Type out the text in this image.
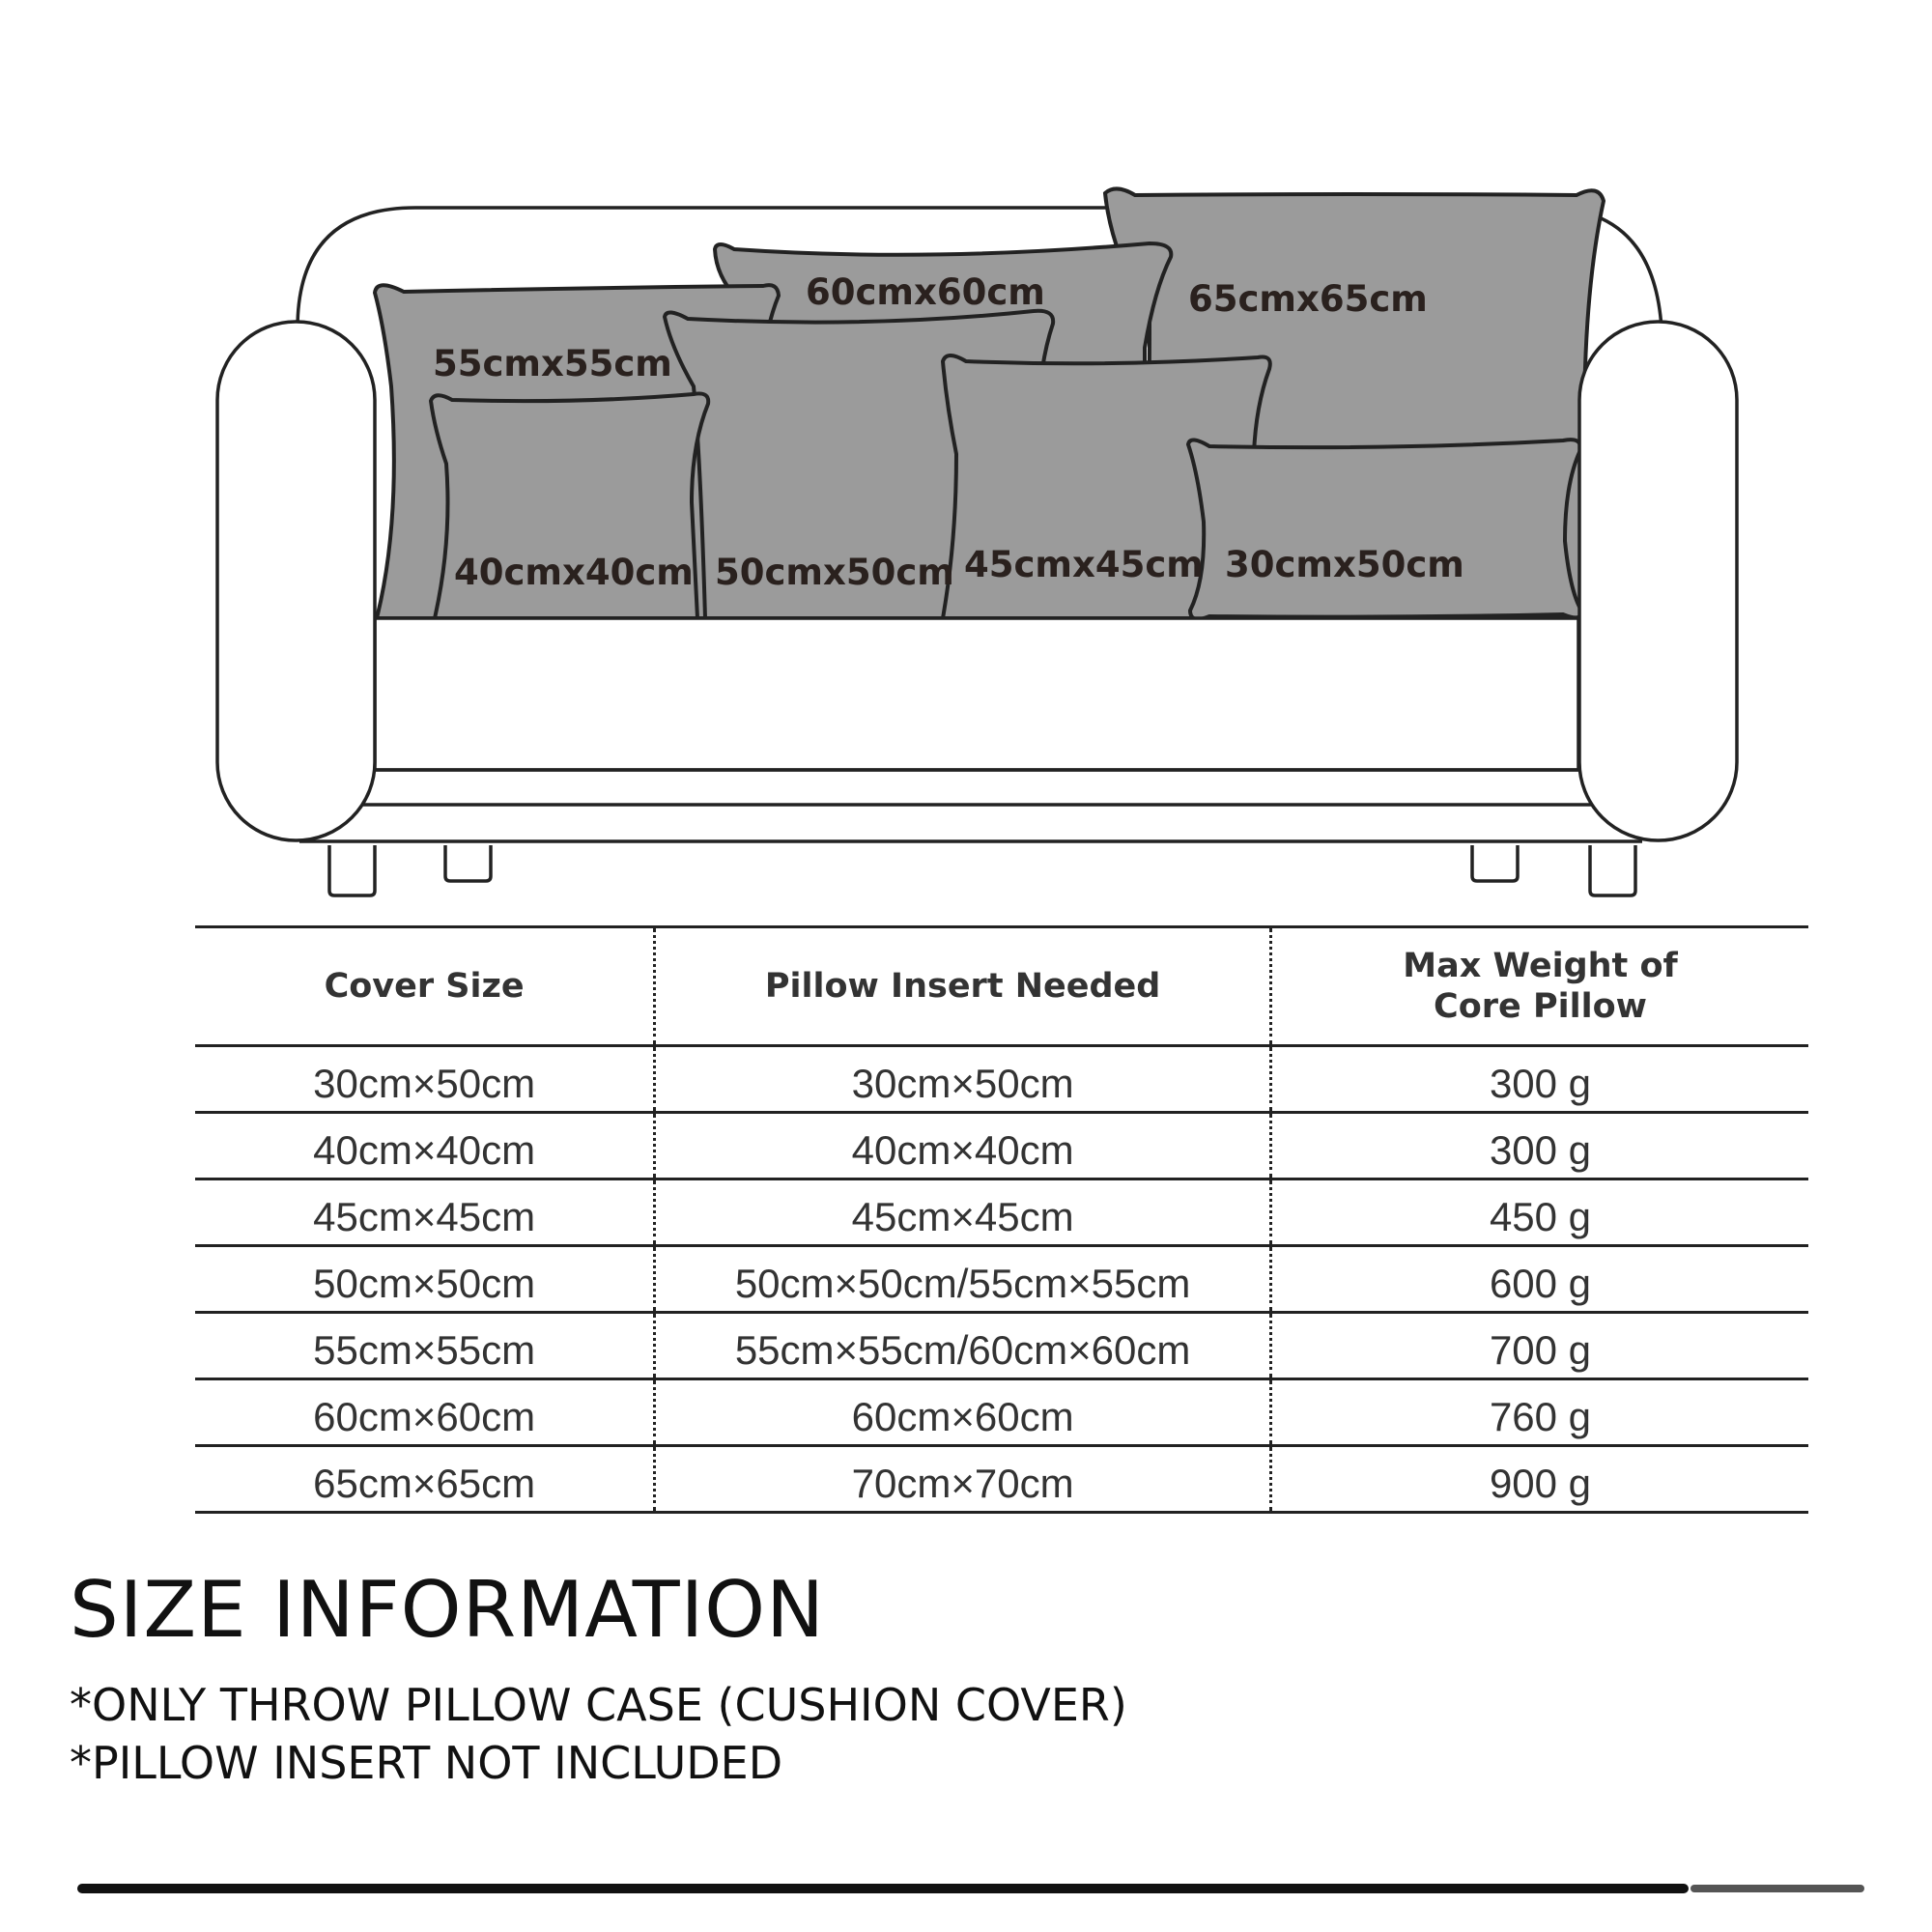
60cmx60cm	65cmx65cm
55cmx55cm
40cmx40cm 50cmx50cm 45cmx45cm 30cmx50cm
Cover Size	Pillow Insert Needed	Max Weight of
Core Pillow

30cm×50cm	30cm×50cm	300 g
40cm×40cm	40cm×40cm	300 g
45cm×45cm	45cm×45cm	450 g
50cm×50cm	50cm×50cm/55cm×55cm	600 g
55cm×55cm	55cm×55cm/60cm×60cm	700 g
60cm×60cm	60cm×60cm	760 g
65cm×65cm	70cm×70cm	900 g
SIZE INFORMATION

*ONLY THROW PILLOW CASE (CUSHION COVER)

*PILLOW INSERT NOT INCLUDED
